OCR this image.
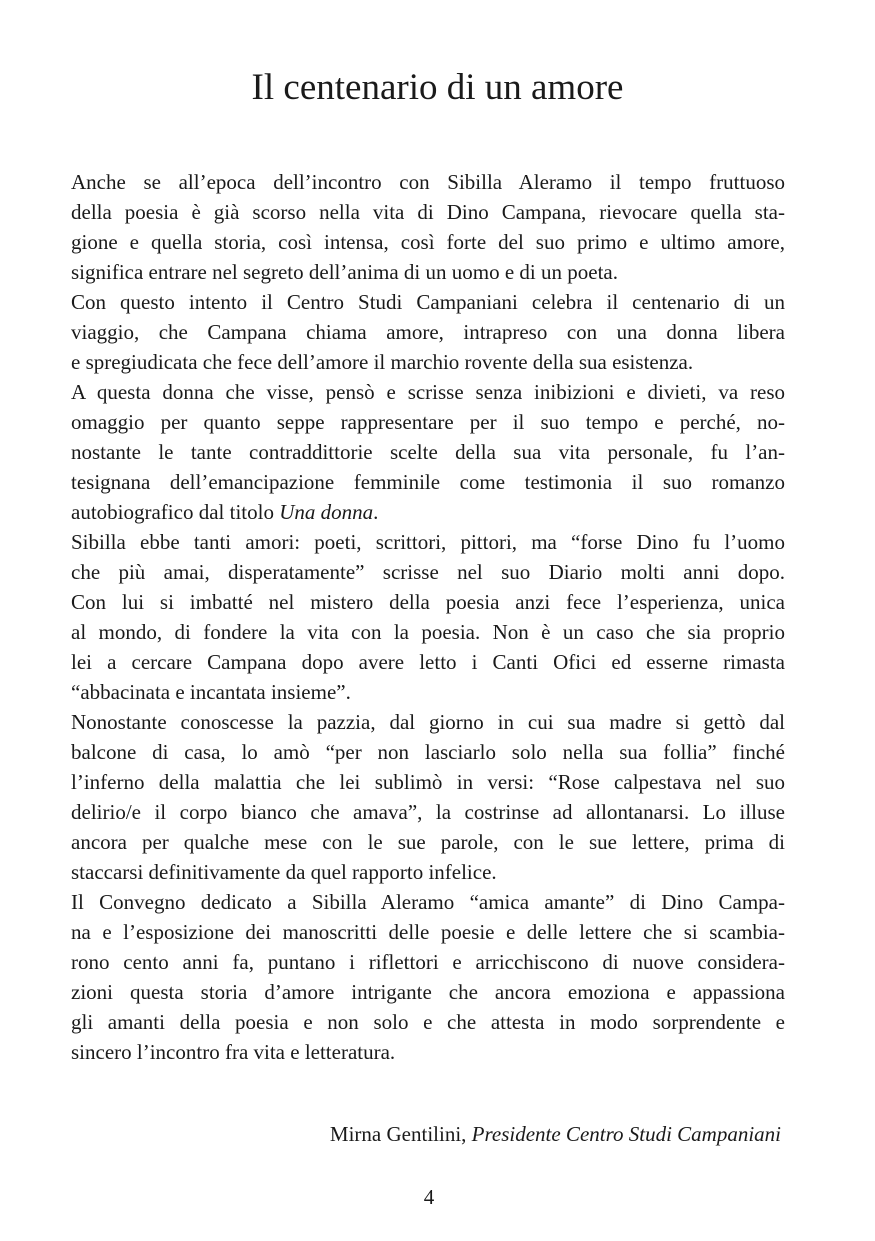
Il centenario di un amore
Anche se all’epoca dell’incontro con Sibilla Aleramo il tempo fruttuoso
della poesia è già scorso nella vita di Dino Campana, rievocare quella sta-
gione e quella storia, così intensa, così forte del suo primo e ultimo amore,
significa entrare nel segreto dell’anima di un uomo e di un poeta.
Con questo intento il Centro Studi Campaniani celebra il centenario di un
viaggio, che Campana chiama amore, intrapreso con una donna libera
e spregiudicata che fece dell’amore il marchio rovente della sua esistenza.
A questa donna che visse, pensò e scrisse senza inibizioni e divieti, va reso
omaggio per quanto seppe rappresentare per il suo tempo e perché, no-
nostante le tante contraddittorie scelte della sua vita personale, fu l’an-
tesignana dell’emancipazione femminile come testimonia il suo romanzo
autobiografico dal titolo Una donna.
Sibilla ebbe tanti amori: poeti, scrittori, pittori, ma “forse Dino fu l’uomo
che più amai, disperatamente” scrisse nel suo Diario molti anni dopo.
Con lui si imbatté nel mistero della poesia anzi fece l’esperienza, unica
al mondo, di fondere la vita con la poesia. Non è un caso che sia proprio
lei a cercare Campana dopo avere letto i Canti Ofici ed esserne rimasta
“abbacinata e incantata insieme”.
Nonostante conoscesse la pazzia, dal giorno in cui sua madre si gettò dal
balcone di casa, lo amò “per non lasciarlo solo nella sua follia” finché
l’inferno della malattia che lei sublimò in versi: “Rose calpestava nel suo
delirio/e il corpo bianco che amava”, la costrinse ad allontanarsi. Lo illuse
ancora per qualche mese con le sue parole, con le sue lettere, prima di
staccarsi definitivamente da quel rapporto infelice.
Il Convegno dedicato a Sibilla Aleramo “amica amante” di Dino Campa-
na e l’esposizione dei manoscritti delle poesie e delle lettere che si scambia-
rono cento anni fa, puntano i riflettori e arricchiscono di nuove considera-
zioni questa storia d’amore intrigante che ancora emoziona e appassiona
gli amanti della poesia e non solo e che attesta in modo sorprendente e
sincero l’incontro fra vita e letteratura.
Mirna Gentilini, Presidente Centro Studi Campaniani
4
